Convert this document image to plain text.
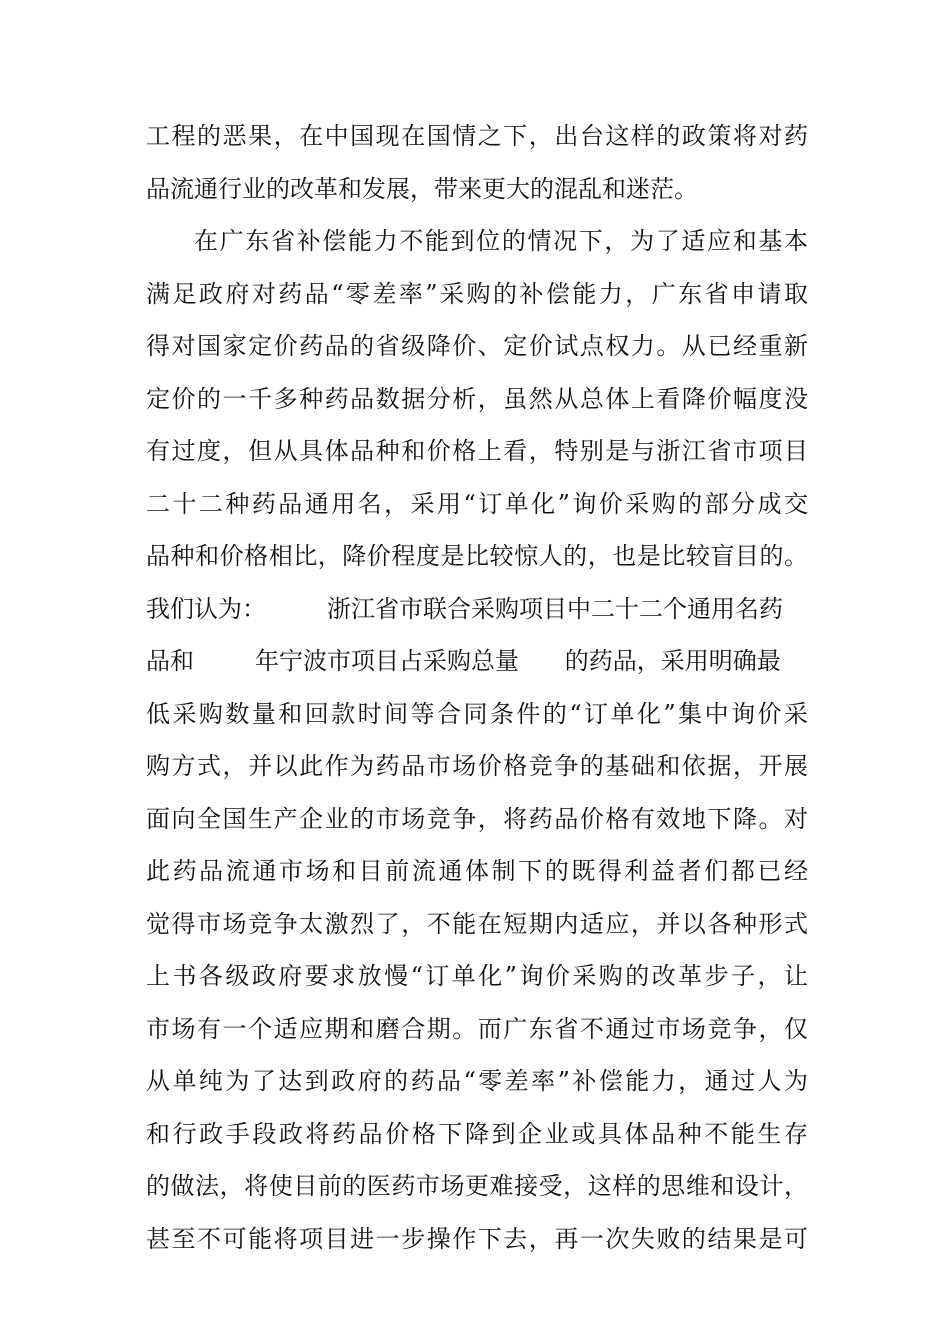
工程的恶果，在中国现在国情之下，出台这样的政策将对药
品流通行业的改革和发展，带来更大的混乱和迷茫。
在广东省补偿能力不能到位的情况下，为了适应和基本
满足政府对药品“零差率”采购的补偿能力，广东省申请取
得对国家定价药品的省级降价、定价试点权力。从已经重新
定价的一千多种药品数据分析，虽然从总体上看降价幅度没
有过度，但从具体品种和价格上看，特别是与浙江省市项目
二十二种药品通用名，采用“订单化”询价采购的部分成交
品种和价格相比，降价程度是比较惊人的，也是比较盲目的。
我们认为：        浙江省市联合采购项目中二十二个通用名药
品和        年宁波市项目占采购总量      的药品，采用明确最
低采购数量和回款时间等合同条件的“订单化”集中询价采
购方式，并以此作为药品市场价格竞争的基础和依据，开展
面向全国生产企业的市场竞争，将药品价格有效地下降。对
此药品流通市场和目前流通体制下的既得利益者们都已经
觉得市场竞争太激烈了，不能在短期内适应，并以各种形式
上书各级政府要求放慢“订单化”询价采购的改革步子，让
市场有一个适应期和磨合期。而广东省不通过市场竞争，仅
从单纯为了达到政府的药品“零差率”补偿能力，通过人为
和行政手段政将药品价格下降到企业或具体品种不能生存
的做法，将使目前的医药市场更难接受，这样的思维和设计，
甚至不可能将项目进一步操作下去，再一次失败的结果是可
